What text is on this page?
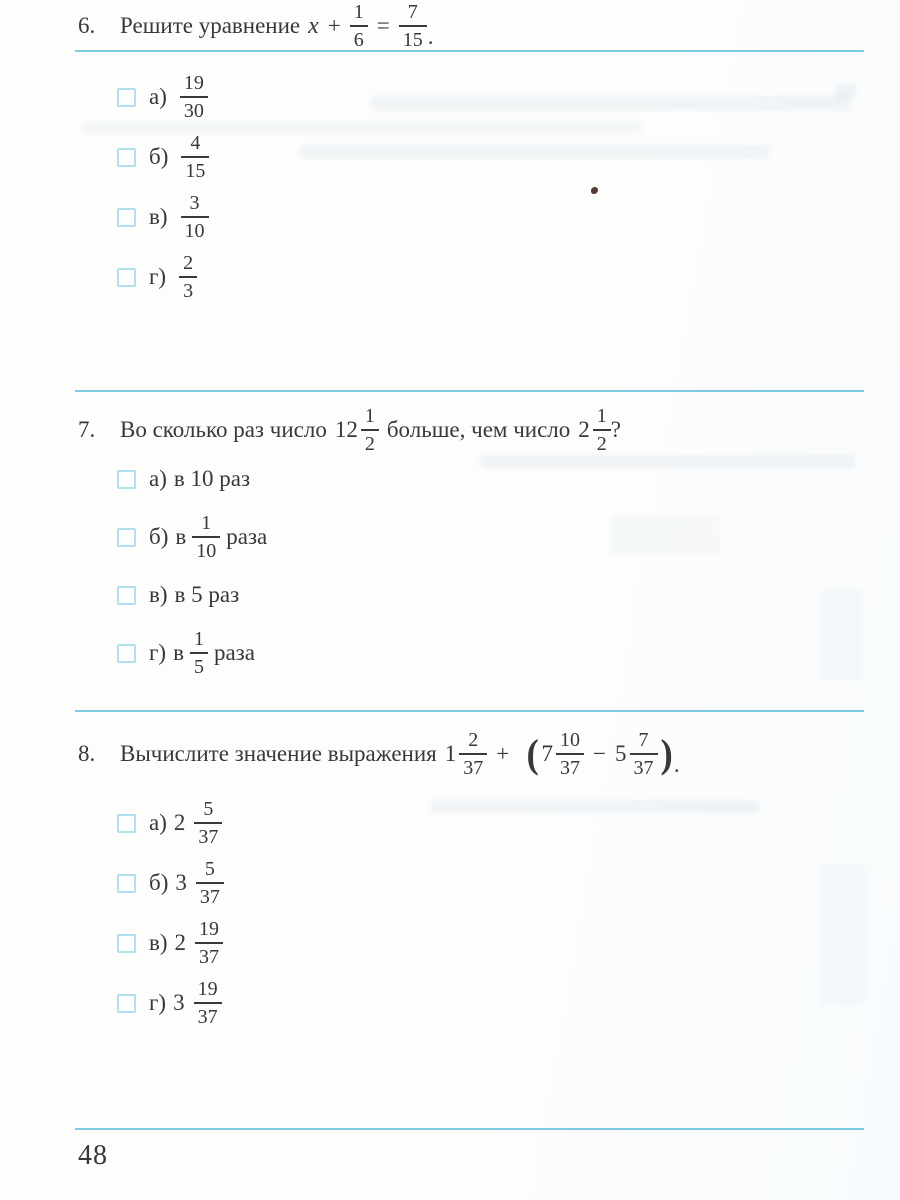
6.	Решите уравнение $x + \frac{1}{6} = \frac{7}{15}$ .
$а) \frac{19}{30}$
$б) \frac{4}{15}$
$в) \frac{3}{10}$
$г) \frac{2}{3}$
7.	Во сколько раз число $12 \frac{1}{2}$ больше, чем число $2 \frac{1}{2}$ ?
а) в 10 раз
б) в $\frac{1}{10}$ раза
в) в 5 раз
г) в $\frac{1}{5}$ раза
8.	Вычислите значение выражения $1 \frac{2}{37}$ + ( $7 \frac{10}{37} - 5 \frac{7}{37}$ ) .
а) $2 \frac{5}{37}$
б) $3 \frac{5}{37}$
в) $2 \frac{19}{37}$
г) $3 \frac{19}{37}$
48
